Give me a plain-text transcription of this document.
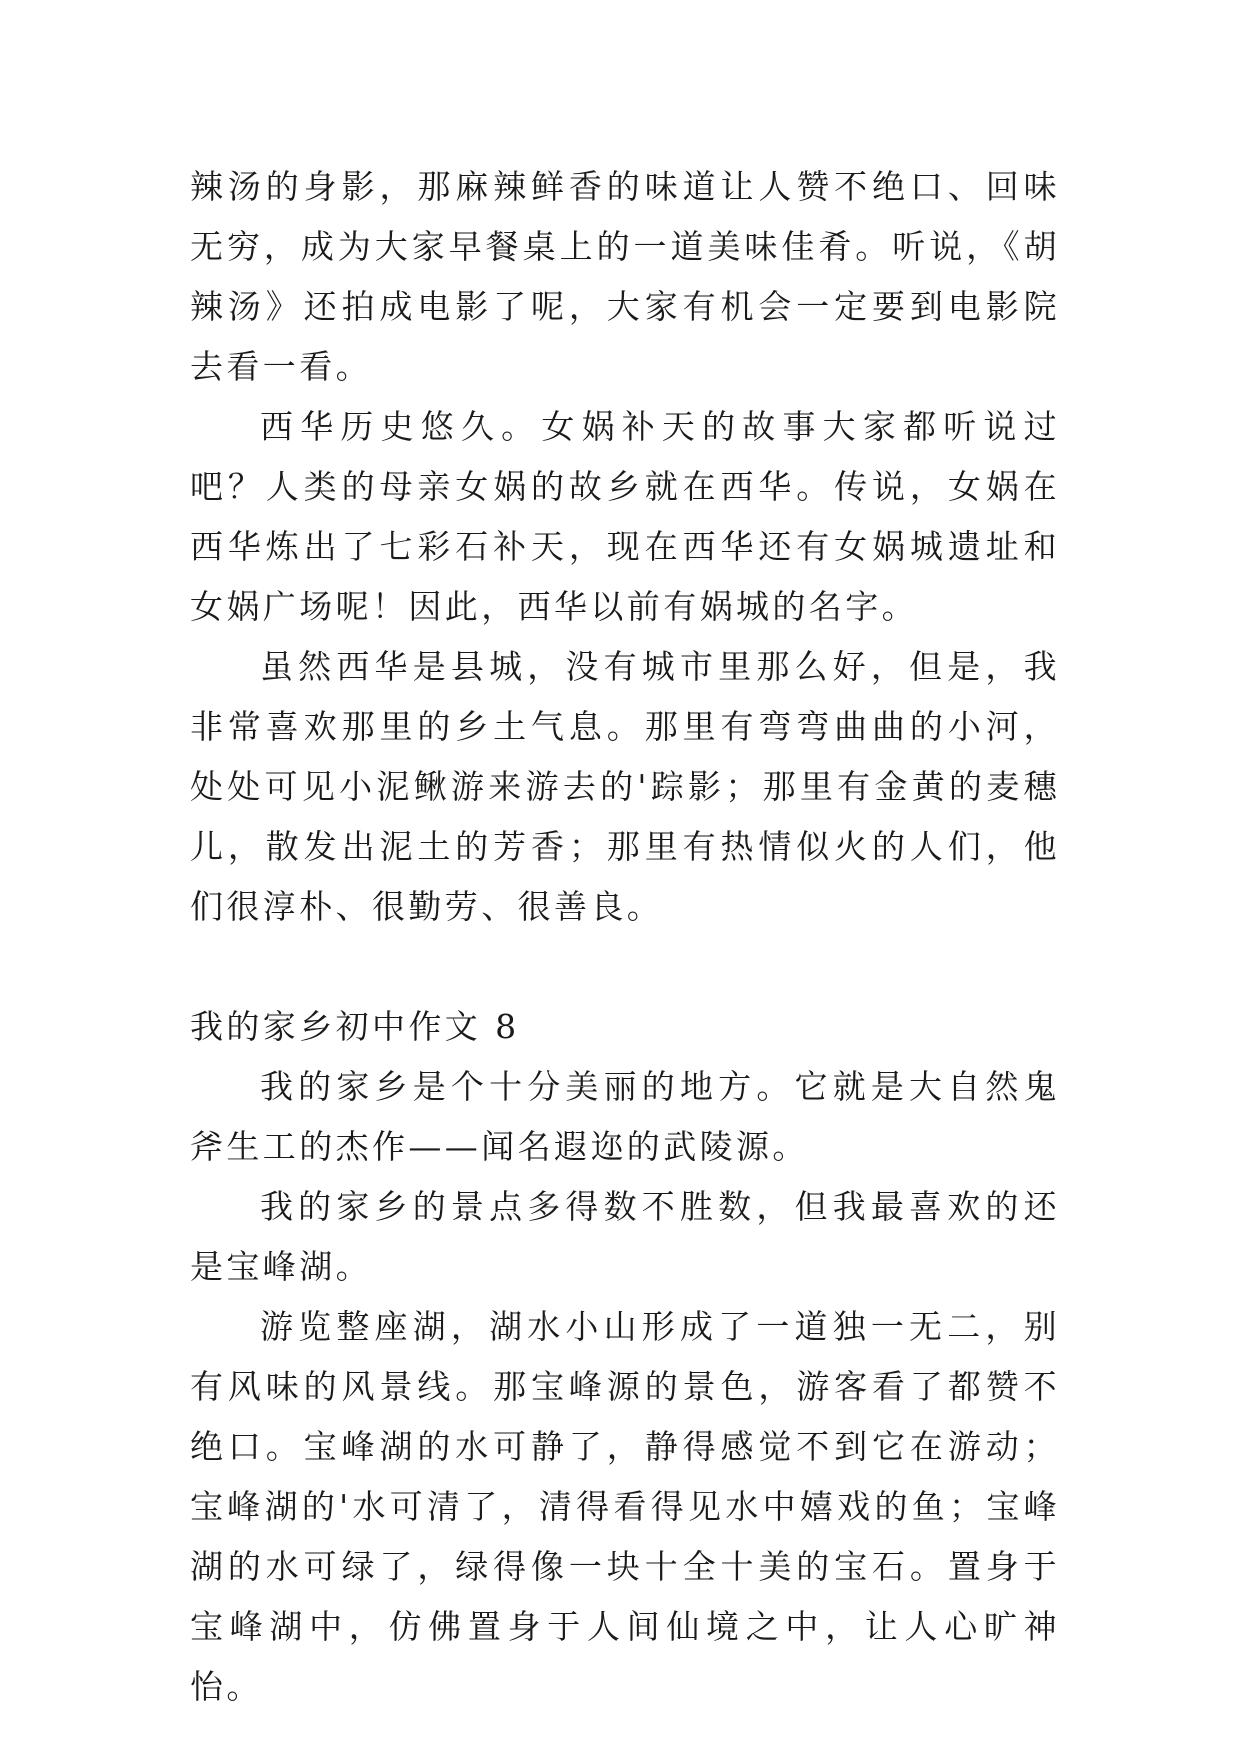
辣汤的身影，那麻辣鲜香的味道让人赞不绝口、回味无穷，成为大家早餐桌上的一道美味佳肴。听说，《胡辣汤》还拍成电影了呢，大家有机会一定要到电影院去看一看。

西华历史悠久。女娲补天的故事大家都听说过吧？人类的母亲女娲的故乡就在西华。传说，女娲在西华炼出了七彩石补天，现在西华还有女娲城遗址和女娲广场呢！因此，西华以前有娲城的名字。

虽然西华是县城，没有城市里那么好，但是，我非常喜欢那里的乡土气息。那里有弯弯曲曲的小河，处处可见小泥鳅游来游去的'踪影；那里有金黄的麦穗儿，散发出泥土的芳香；那里有热情似火的人们，他们很淳朴、很勤劳、很善良。

我的家乡初中作文 8

我的家乡是个十分美丽的地方。它就是大自然鬼斧生工的杰作——闻名遐迩的武陵源。

我的家乡的景点多得数不胜数，但我最喜欢的还是宝峰湖。

游览整座湖，湖水小山形成了一道独一无二，别有风味的风景线。那宝峰源的景色，游客看了都赞不绝口。宝峰湖的水可静了，静得感觉不到它在游动；宝峰湖的'水可清了，清得看得见水中嬉戏的鱼；宝峰湖的水可绿了，绿得像一块十全十美的宝石。置身于宝峰湖中，仿佛置身于人间仙境之中，让人心旷神怡。
